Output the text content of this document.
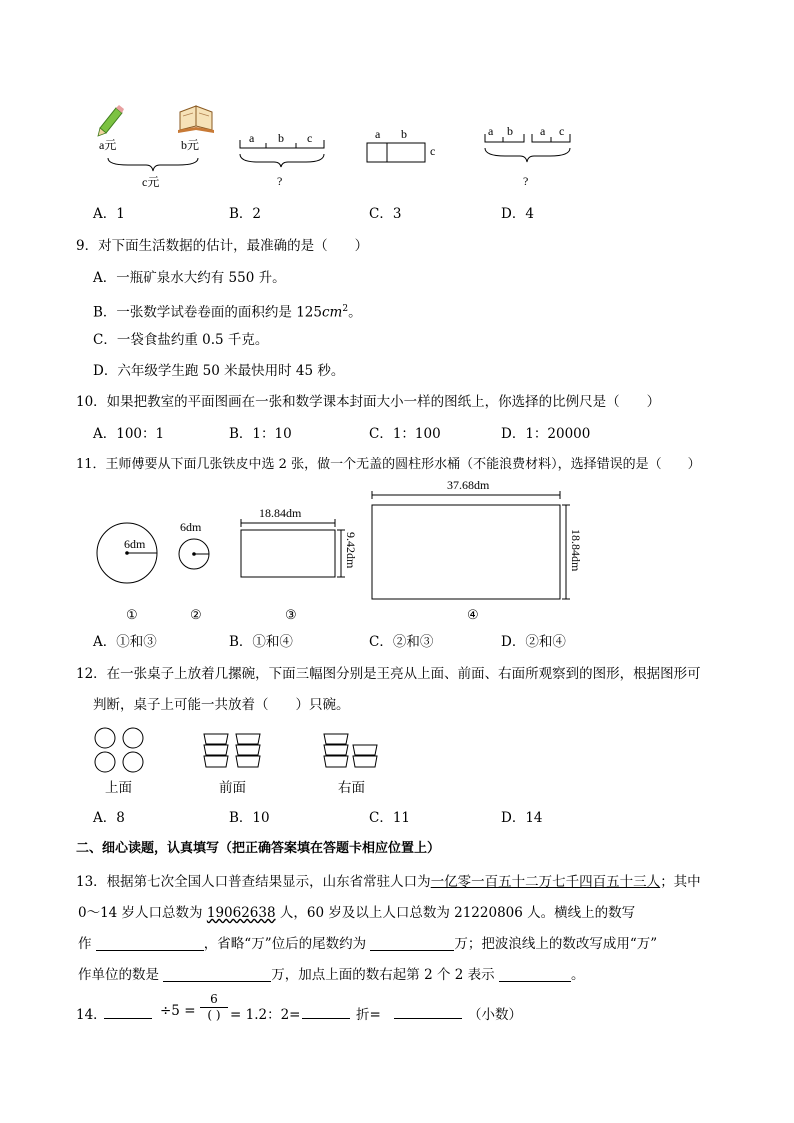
a元	b元
c元
a b c
?
a b
c
a b a c
?
A．1	B．2	C．3	D．4
9．对下面生活数据的估计，最准确的是（　　）
A．一瓶矿泉水大约有 550 升。
B．一张数学试卷卷面的面积约是 $125cm^2$。
C．一袋食盐约重 0.5 千克。
D．六年级学生跑 50 米最快用时 45 秒。
10．如果把教室的平面图画在一张和数学课本封面大小一样的图纸上，你选择的比例尺是（　　）
A．100：1	B．1：10	C．1：100	D．1：20000
11．王师傅要从下面几张铁皮中选 2 张，做一个无盖的圆柱形水桶（不能浪费材料），选择错误的是（　　）
6dm
6dm
18.84dm
9.42dm
37.68dm
18.84dm
①	②	③	④
A．①和③	B．①和④	C．②和③	D．②和④
12．在一张桌子上放着几摞碗，下面三幅图分别是王亮从上面、前面、右面所观察到的图形，根据图形可
判断，桌子上可能一共放着（　　）只碗。
上面	前面	右面
A．8	B．10	C．11	D．14
二、细心读题，认真填写（把正确答案填在答题卡相应位置上）
13．根据第七次全国人口普查结果显示，山东省常驻人口为一亿零一百五十二万七千四百五十三人；其中
0～14 岁人口总数为 19062638 人，60 岁及以上人口总数为 21220806 人。横线上的数写
作	，省略“万”位后的尾数约为	万；把波浪线上的数改写成用“万”
作单位的数是	万，加点上面的数右起第 2 个 2 表示	。
14．	÷5 =
6
( ) = 1.2：2=	折=	（小数）
